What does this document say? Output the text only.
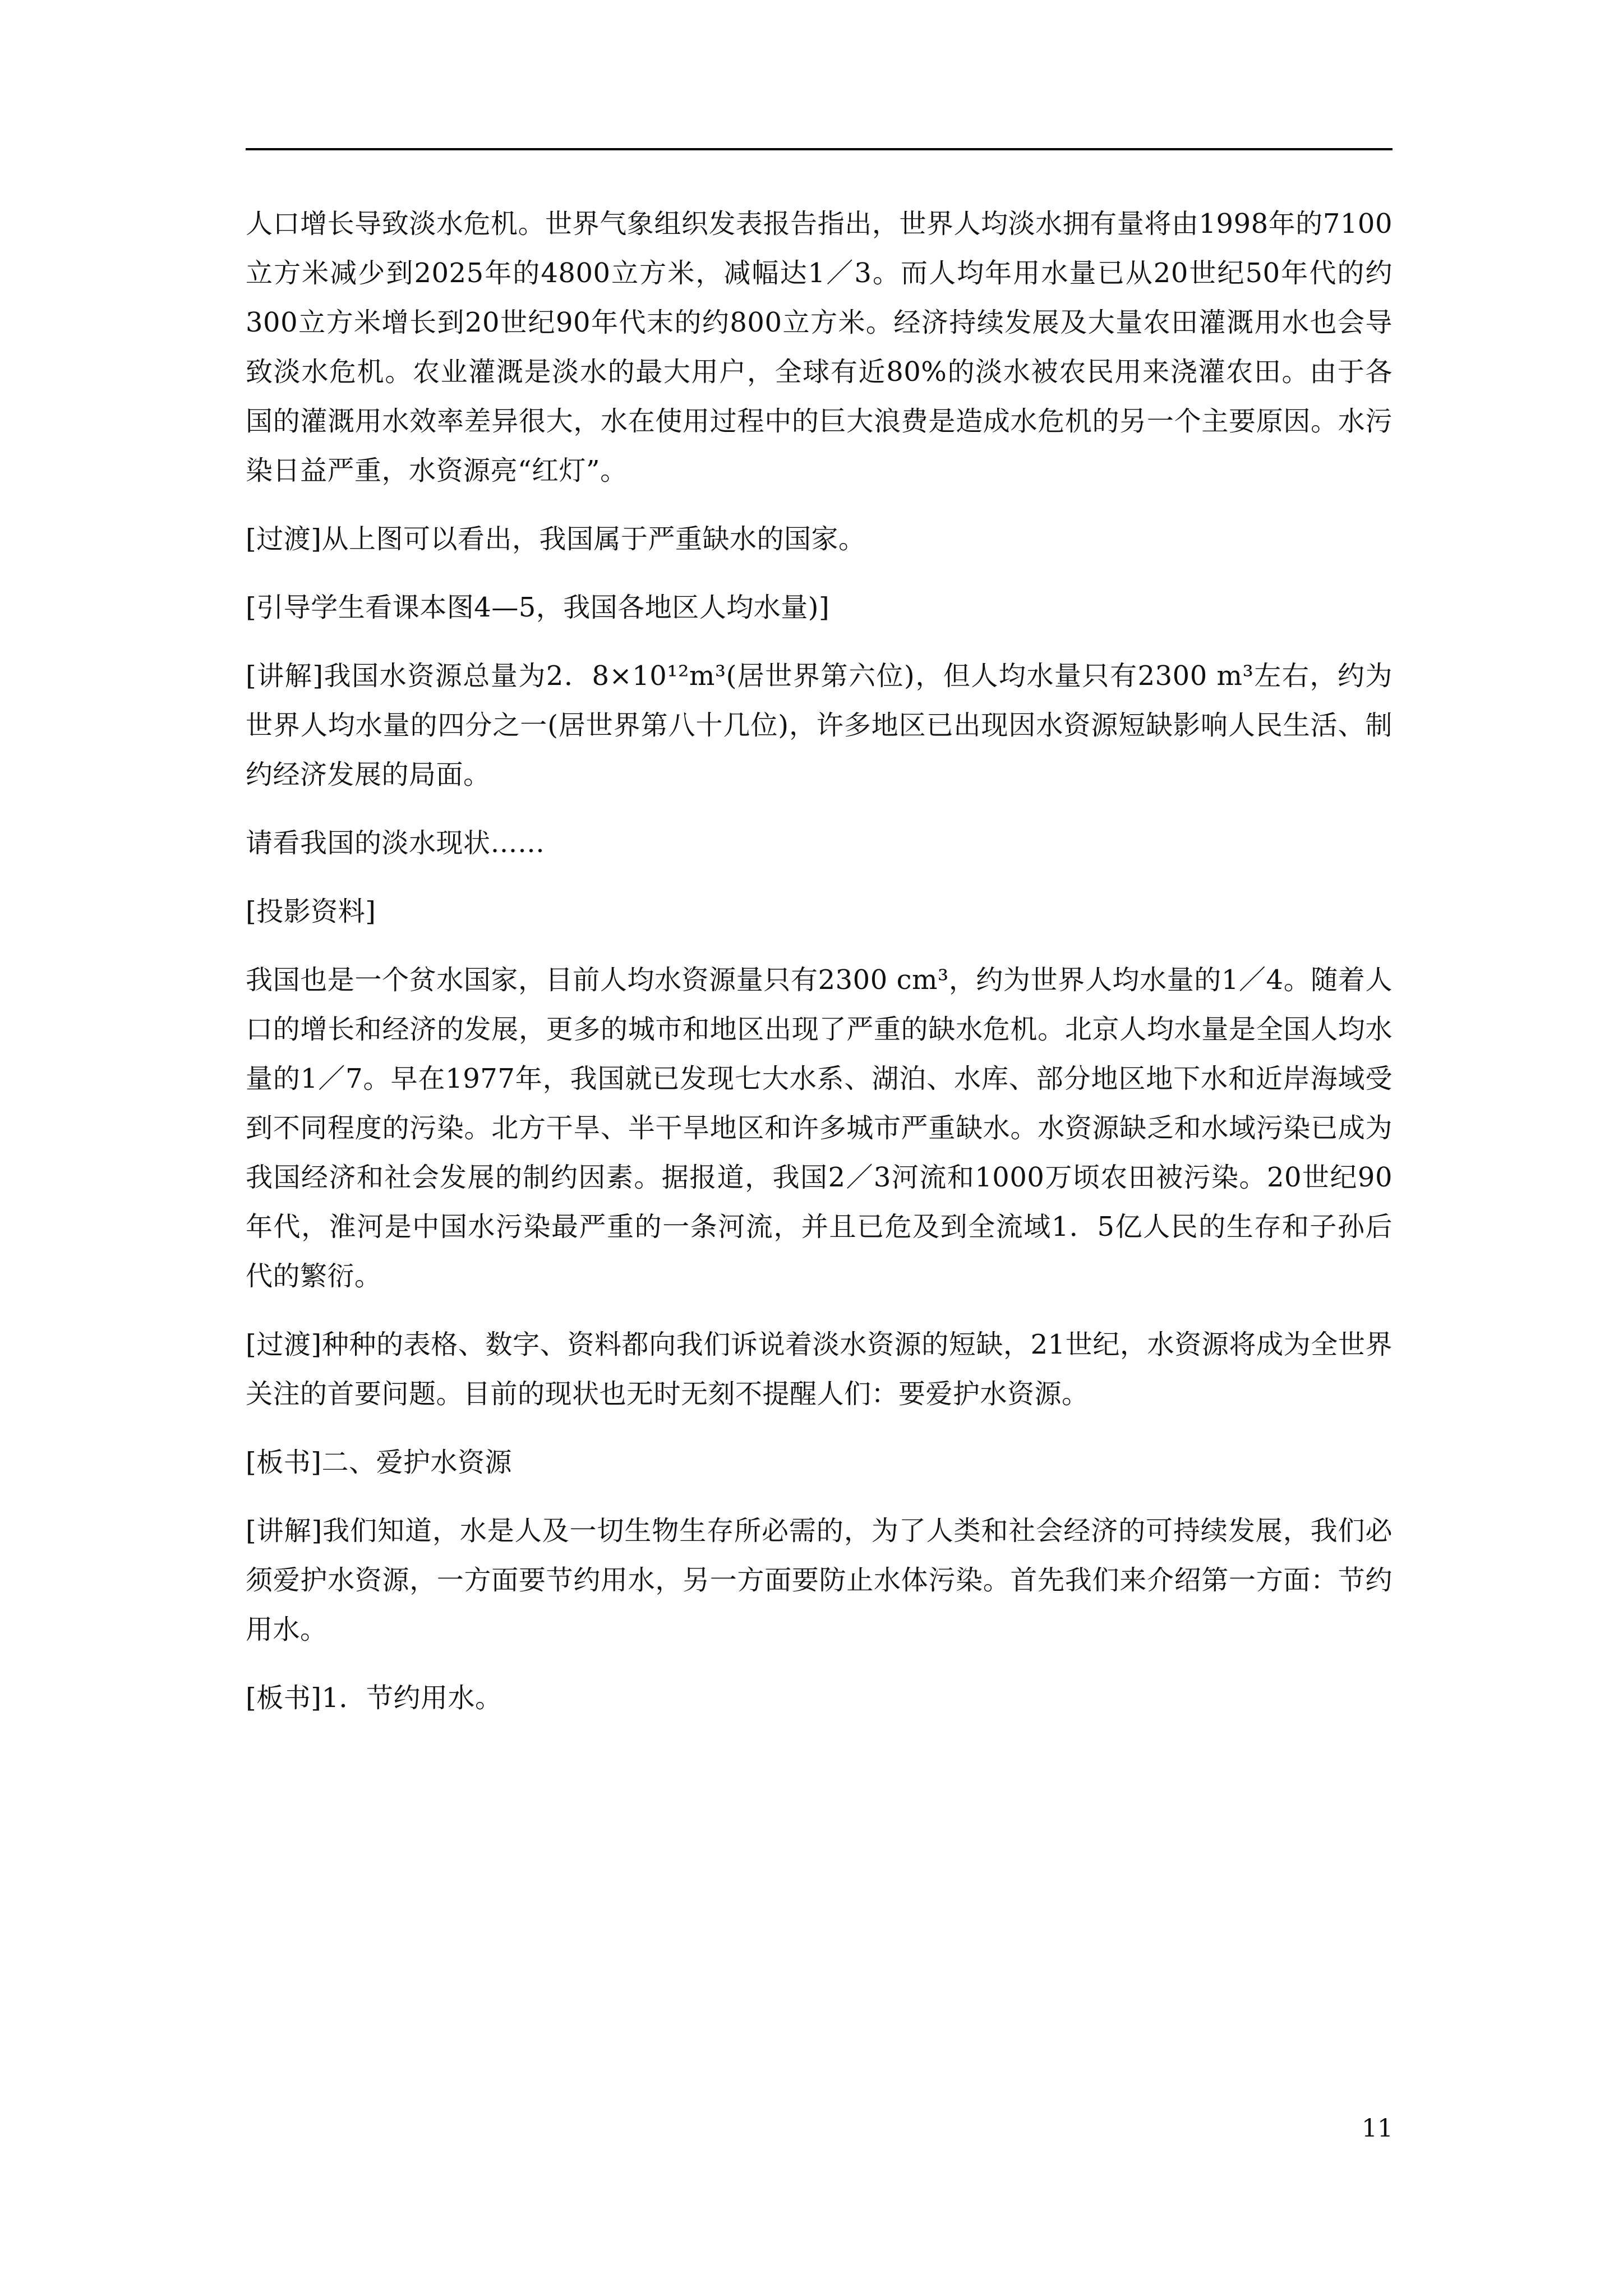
人口增长导致淡水危机。世界气象组织发表报告指出，世界人均淡水拥有量将由1998年的7100立方米减少到2025年的4800立方米，减幅达1／3。而人均年用水量已从20世纪50年代的约300立方米增长到20世纪90年代末的约800立方米。经济持续发展及大量农田灌溉用水也会导致淡水危机。农业灌溉是淡水的最大用户，全球有近80%的淡水被农民用来浇灌农田。由于各国的灌溉用水效率差异很大，水在使用过程中的巨大浪费是造成水危机的另一个主要原因。水污染日益严重，水资源亮“红灯”。

[过渡]从上图可以看出，我国属于严重缺水的国家。

[引导学生看课本图4—5，我国各地区人均水量)]

[讲解]我国水资源总量为2．8×10¹²m³(居世界第六位)，但人均水量只有2300 m³左右，约为世界人均水量的四分之一(居世界第八十几位)，许多地区已出现因水资源短缺影响人民生活、制约经济发展的局面。

请看我国的淡水现状……

[投影资料]

我国也是一个贫水国家，目前人均水资源量只有2300 cm³，约为世界人均水量的1／4。随着人口的增长和经济的发展，更多的城市和地区出现了严重的缺水危机。北京人均水量是全国人均水量的1／7。早在1977年，我国就已发现七大水系、湖泊、水库、部分地区地下水和近岸海域受到不同程度的污染。北方干旱、半干旱地区和许多城市严重缺水。水资源缺乏和水域污染已成为我国经济和社会发展的制约因素。据报道，我国2／3河流和1000万顷农田被污染。20世纪90年代，淮河是中国水污染最严重的一条河流，并且已危及到全流域1．5亿人民的生存和子孙后代的繁衍。

[过渡]种种的表格、数字、资料都向我们诉说着淡水资源的短缺，21世纪，水资源将成为全世界关注的首要问题。目前的现状也无时无刻不提醒人们：要爱护水资源。

[板书]二、爱护水资源

[讲解]我们知道，水是人及一切生物生存所必需的，为了人类和社会经济的可持续发展，我们必须爱护水资源，一方面要节约用水，另一方面要防止水体污染。首先我们来介绍第一方面：节约用水。

[板书]1．节约用水。

11
